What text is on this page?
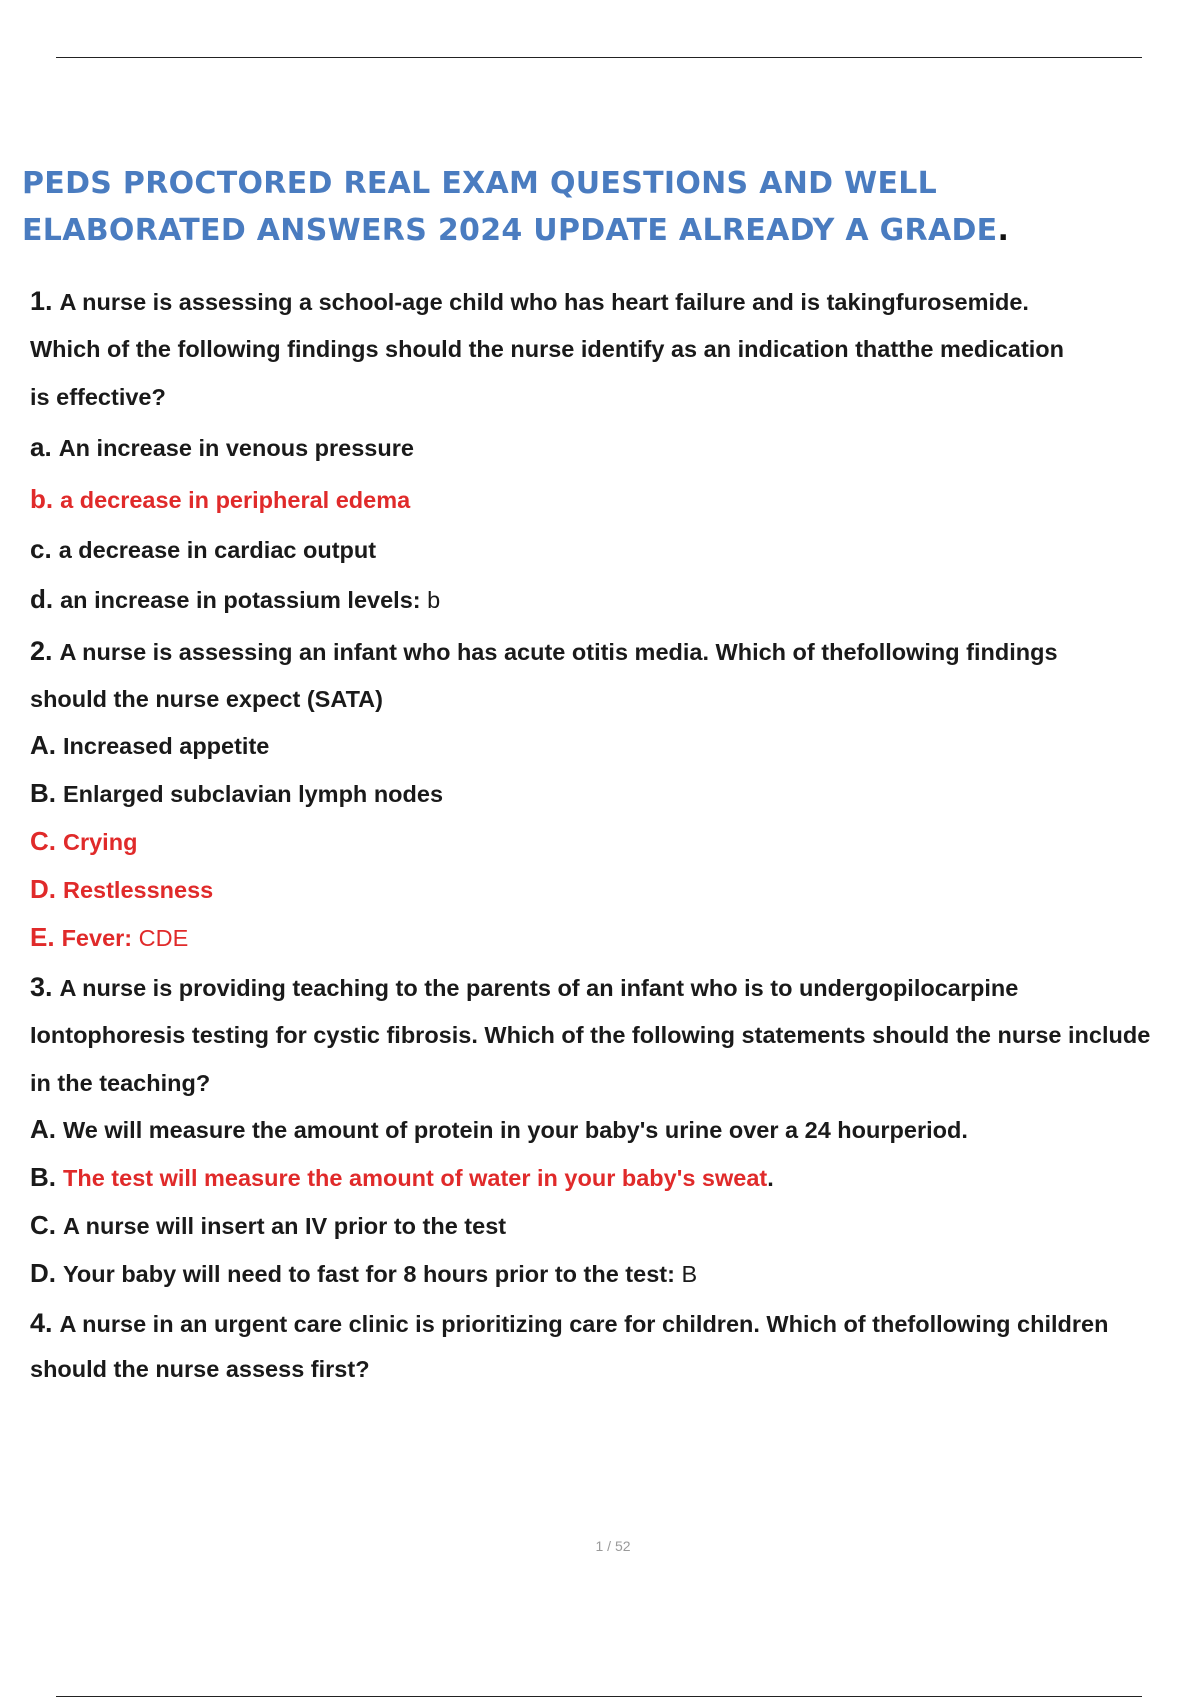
PEDS PROCTORED REAL EXAM QUESTIONS AND WELL
ELABORATED ANSWERS 2024 UPDATE ALREADY A GRADE.
1. A nurse is assessing a school-age child who has heart failure and is takingfurosemide.
Which of the following findings should the nurse identify as an indication thatthe medication
is effective?
a. An increase in venous pressure
b. a decrease in peripheral edema
c. a decrease in cardiac output
d. an increase in potassium levels: b
2. A nurse is assessing an infant who has acute otitis media. Which of thefollowing findings
should the nurse expect (SATA)
A. Increased appetite
B. Enlarged subclavian lymph nodes
C. Crying
D. Restlessness
E. Fever: CDE
3. A nurse is providing teaching to the parents of an infant who is to undergopilocarpine
Iontophoresis testing for cystic fibrosis. Which of the following statements should the nurse include
in the teaching?
A. We will measure the amount of protein in your baby's urine over a 24 hourperiod.
B. The test will measure the amount of water in your baby's sweat.
C. A nurse will insert an IV prior to the test
D. Your baby will need to fast for 8 hours prior to the test: B
4. A nurse in an urgent care clinic is prioritizing care for children. Which of thefollowing children
should the nurse assess first?
1 / 52
